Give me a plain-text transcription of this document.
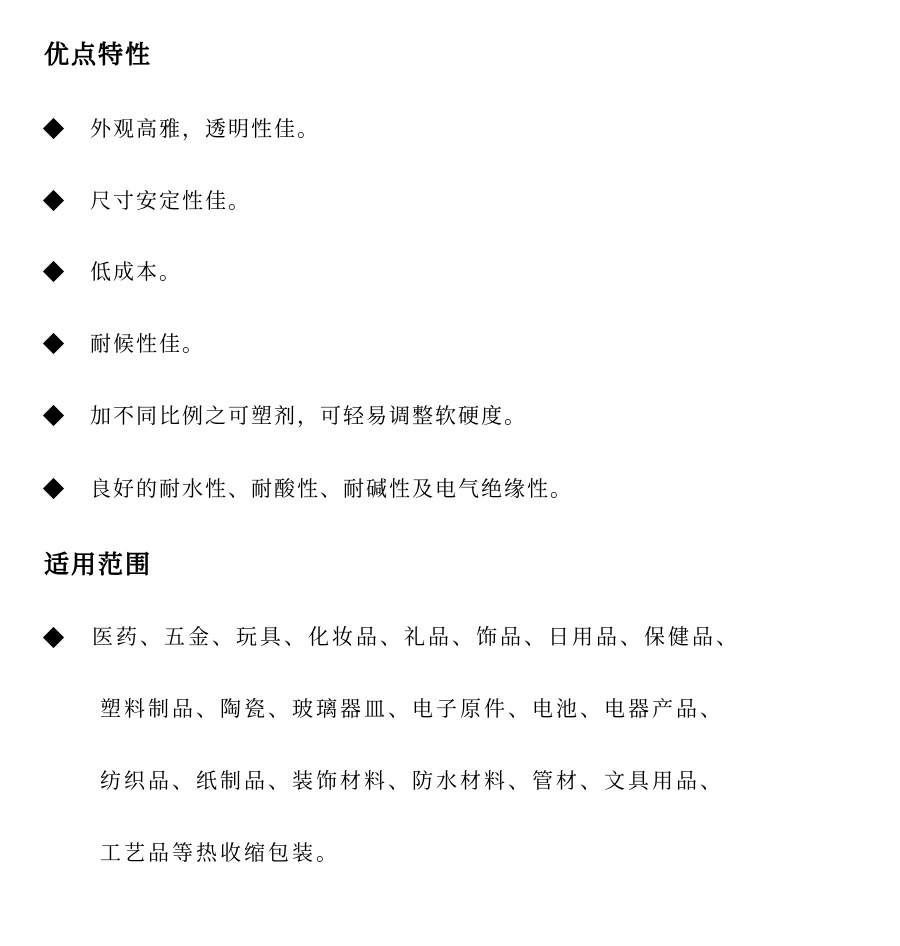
优点特性
外观高雅，透明性佳。
尺寸安定性佳。
低成本。
耐候性佳。
加不同比例之可塑剂，可轻易调整软硬度。
良好的耐水性、耐酸性、耐碱性及电气绝缘性。
适用范围
医药、五金、玩具、化妆品、礼品、饰品、日用品、保健品、
塑料制品、陶瓷、玻璃器皿、电子原件、电池、电器产品、
纺织品、纸制品、装饰材料、防水材料、管材、文具用品、
工艺品等热收缩包装。
